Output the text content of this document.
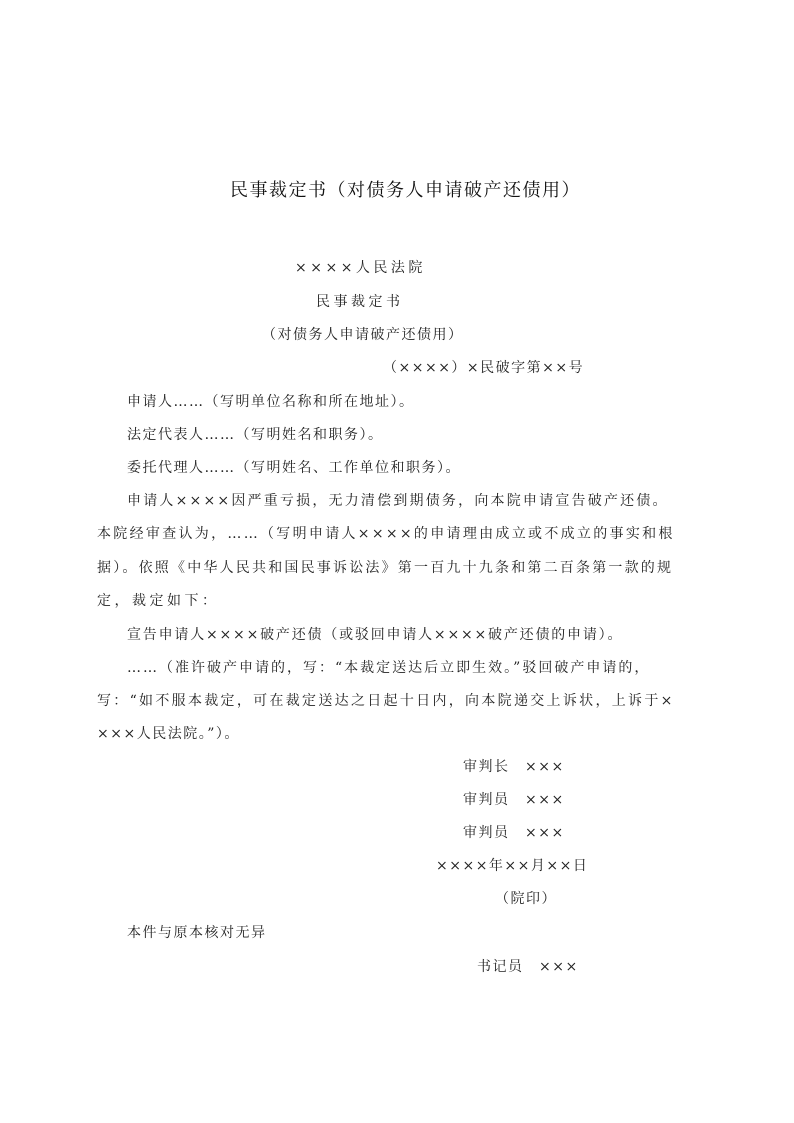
民事裁定书（对债务人申请破产还债用）
××××人民法院
民事裁定书
（对债务人申请破产还债用）
（××××）×民破字第××号
申请人……（写明单位名称和所在地址）。
法定代表人……（写明姓名和职务）。
委托代理人……（写明姓名、工作单位和职务）。
申请人××××因严重亏损，无力清偿到期债务，向本院申请宣告破产还债。
本院经审查认为，……（写明申请人××××的申请理由成立或不成立的事实和根
据）。依照《中华人民共和国民事诉讼法》第一百九十九条和第二百条第一款的规
定，裁定如下：
宣告申请人××××破产还债（或驳回申请人××××破产还债的申请）。
……（准许破产申请的，写：“本裁定送达后立即生效。”驳回破产申请的，
写：“如不服本裁定，可在裁定送达之日起十日内，向本院递交上诉状，上诉于×
×××人民法院。”）。
审判长　×××
审判员　×××
审判员　×××
××××年××月××日
（院印）
本件与原本核对无异
书记员　×××
